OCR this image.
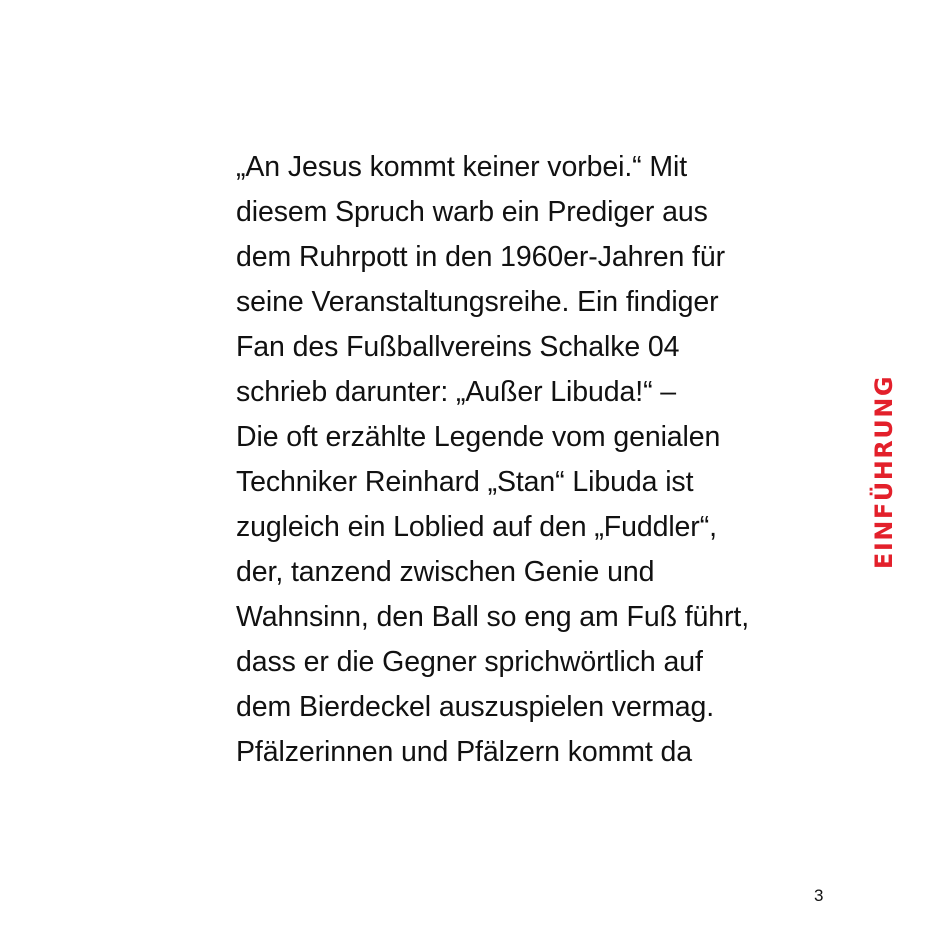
„An Jesus kommt keiner vorbei.“ Mit
diesem Spruch warb ein Prediger aus
dem Ruhrpott in den 1960er-Jahren für
seine Veranstaltungsreihe. Ein findiger
Fan des Fußballvereins Schalke 04
schrieb darunter: „Außer Libuda!“ –
Die oft erzählte Legende vom genialen
Techniker Reinhard „Stan“ Libuda ist
zugleich ein Loblied auf den „Fuddler“,
der, tanzend zwischen Genie und
Wahnsinn, den Ball so eng am Fuß führt,
dass er die Gegner sprichwörtlich auf
dem Bierdeckel auszuspielen vermag.
Pfälzerinnen und Pfälzern kommt da

EINFÜHRUNG
3
